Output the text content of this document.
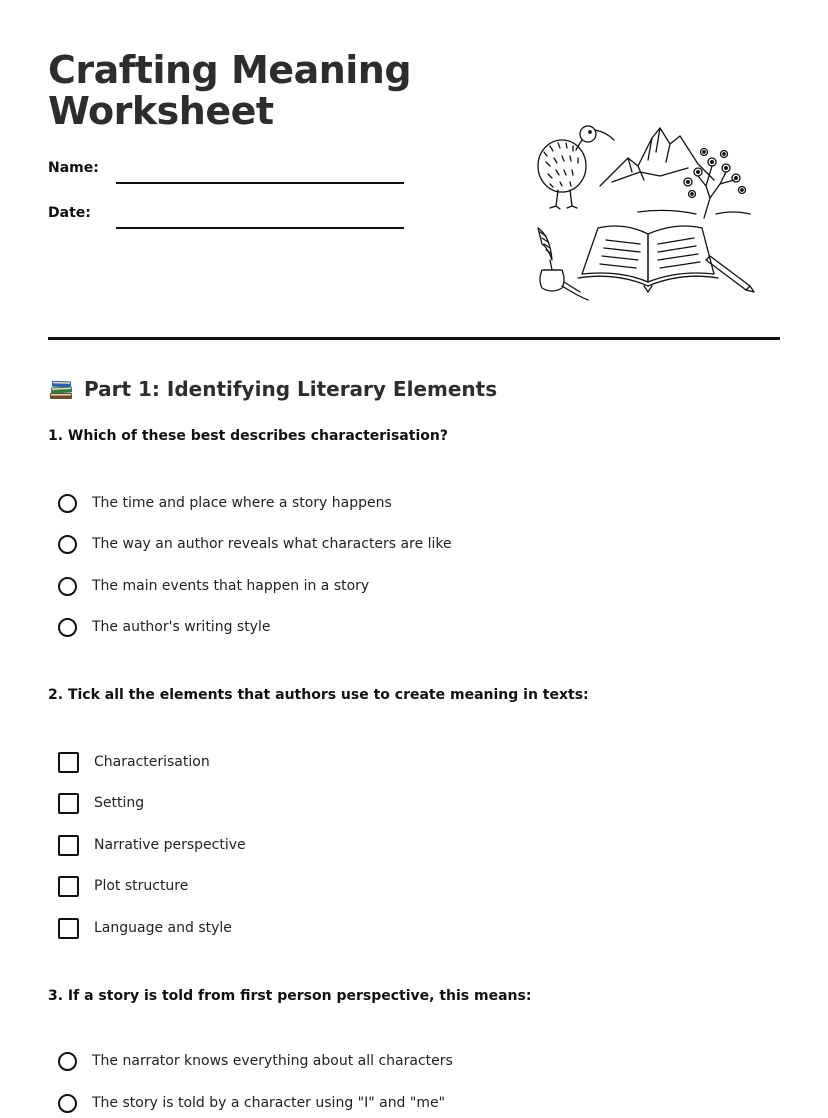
Crafting Meaning Worksheet
Name:
Date:
Part 1: Identifying Literary Elements
1. Which of these best describes characterisation?
The time and place where a story happens
The way an author reveals what characters are like
The main events that happen in a story
The author's writing style
2. Tick all the elements that authors use to create meaning in texts:
Characterisation
Setting
Narrative perspective
Plot structure
Language and style
3. If a story is told from first person perspective, this means:
The narrator knows everything about all characters
The story is told by a character using "I" and "me"
